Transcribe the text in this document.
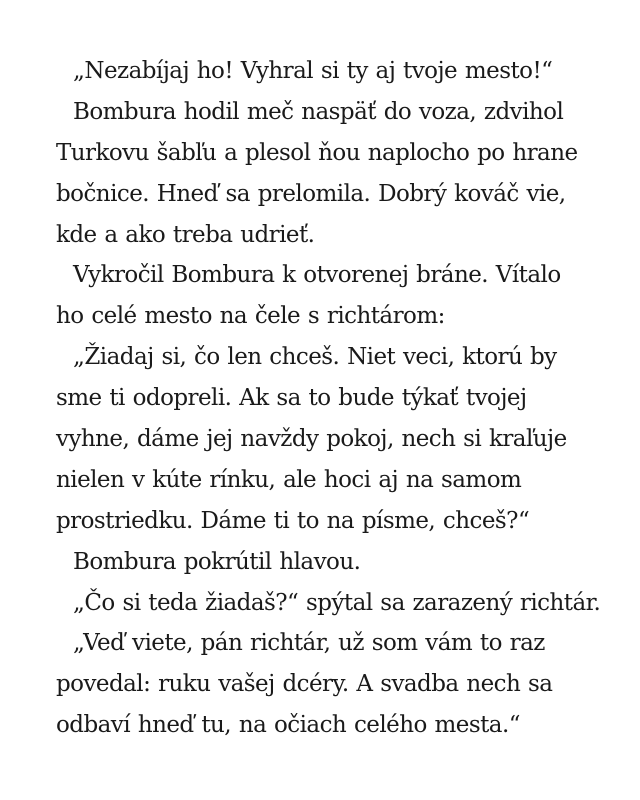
„Nezabíjaj ho! Vyhral si ty aj tvoje mesto!“
Bombura hodil meč naspäť do voza, zdvihol
Turkovu šabľu a plesol ňou naplocho po hrane
bočnice. Hneď sa prelomila. Dobrý kováč vie,
kde a ako treba udrieť.
Vykročil Bombura k otvorenej bráne. Vítalo
ho celé mesto na čele s richtárom:
„Žiadaj si, čo len chceš. Niet veci, ktorú by
sme ti odopreli. Ak sa to bude týkať tvojej
vyhne, dáme jej navždy pokoj, nech si kraľuje
nielen v kúte rínku, ale hoci aj na samom
prostriedku. Dáme ti to na písme, chceš?“
Bombura pokrútil hlavou.
„Čo si teda žiadaš?“ spýtal sa zarazený richtár.
„Veď viete, pán richtár, už som vám to raz
povedal: ruku vašej dcéry. A svadba nech sa
odbaví hneď tu, na očiach celého mesta.“
